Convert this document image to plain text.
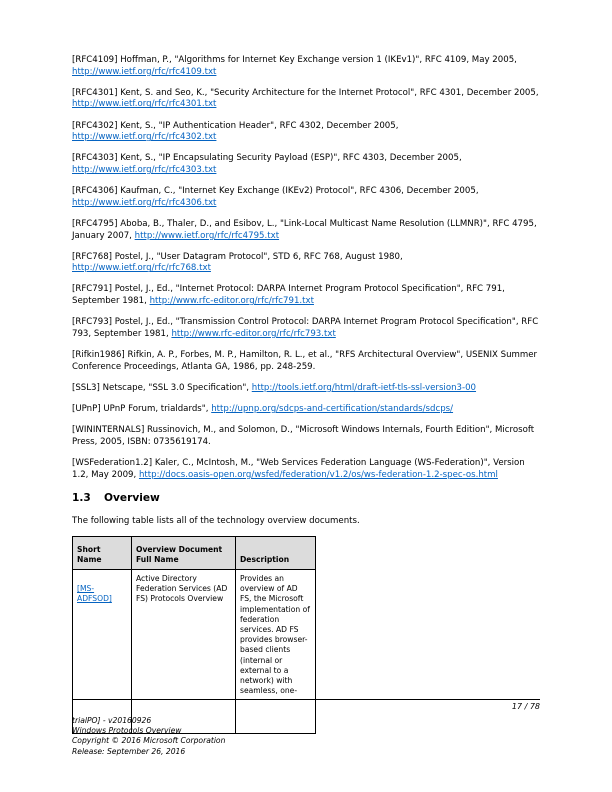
[RFC4109] Hoffman, P., "Algorithms for Internet Key Exchange version 1 (IKEv1)", RFC 4109, May 2005, http://www.ietf.org/rfc/rfc4109.txt

[RFC4301] Kent, S. and Seo, K., "Security Architecture for the Internet Protocol", RFC 4301, December 2005, http://www.ietf.org/rfc/rfc4301.txt

[RFC4302] Kent, S., "IP Authentication Header", RFC 4302, December 2005, http://www.ietf.org/rfc/rfc4302.txt

[RFC4303] Kent, S., "IP Encapsulating Security Payload (ESP)", RFC 4303, December 2005, http://www.ietf.org/rfc/rfc4303.txt

[RFC4306] Kaufman, C., "Internet Key Exchange (IKEv2) Protocol", RFC 4306, December 2005, http://www.ietf.org/rfc/rfc4306.txt

[RFC4795] Aboba, B., Thaler, D., and Esibov, L., "Link-Local Multicast Name Resolution (LLMNR)", RFC 4795, January 2007, http://www.ietf.org/rfc/rfc4795.txt

[RFC768] Postel, J., "User Datagram Protocol", STD 6, RFC 768, August 1980, http://www.ietf.org/rfc/rfc768.txt

[RFC791] Postel, J., Ed., "Internet Protocol: DARPA Internet Program Protocol Specification", RFC 791, September 1981, http://www.rfc-editor.org/rfc/rfc791.txt

[RFC793] Postel, J., Ed., "Transmission Control Protocol: DARPA Internet Program Protocol Specification", RFC 793, September 1981, http://www.rfc-editor.org/rfc/rfc793.txt

[Rifkin1986] Rifkin, A. P., Forbes, M. P., Hamilton, R. L., et al., "RFS Architectural Overview", USENIX Summer Conference Proceedings, Atlanta GA, 1986, pp. 248-259.

[SSL3] Netscape, "SSL 3.0 Specification", http://tools.ietf.org/html/draft-ietf-tls-ssl-version3-00

[UPnP] UPnP Forum, trialdards", http://upnp.org/sdcps-and-certification/standards/sdcps/

[WININTERNALS] Russinovich, M., and Solomon, D., "Microsoft Windows Internals, Fourth Edition", Microsoft Press, 2005, ISBN: 0735619174.

[WSFederation1.2] Kaler, C., McIntosh, M., "Web Services Federation Language (WS-Federation)", Version 1.2, May 2009, http://docs.oasis-open.org/wsfed/federation/v1.2/os/ws-federation-1.2-spec-os.html

1.3 Overview
The following table lists all of the technology overview documents.
Short Name	Overview Document Full Name	Description
[MS-ADFSOD]	Active Directory Federation Services (AD FS) Protocols Overview	Provides an overview of AD FS, the Microsoft implementation of federation services. AD FS provides browser-based clients (internal or external to a network) with seamless, one-
17 / 78
trialPO] - v20160926
Windows Protocols Overview
Copyright © 2016 Microsoft Corporation
Release: September 26, 2016
